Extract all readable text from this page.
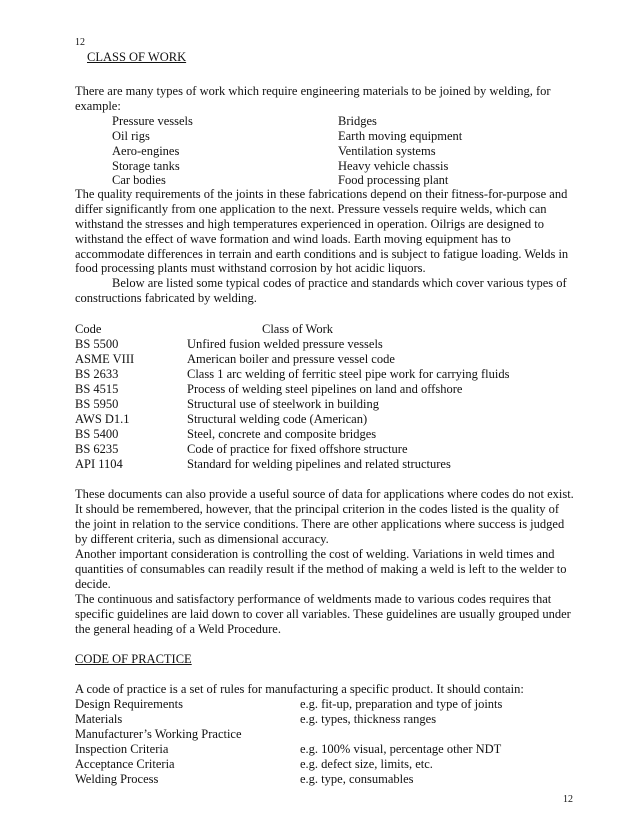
12
CLASS OF WORK
There are many types of work which require engineering materials to be joined by welding, for
example:
Pressure vessels	Bridges
Oil rigs	Earth moving equipment
Aero-engines	Ventilation systems
Storage tanks	Heavy vehicle chassis
Car bodies	Food processing plant
The quality requirements of the joints in these fabrications depend on their fitness-for-purpose and
differ significantly from one application to the next. Pressure vessels require welds, which can
withstand the stresses and high temperatures experienced in operation. Oilrigs are designed to
withstand the effect of wave formation and wind loads. Earth moving equipment has to
accommodate differences in terrain and earth conditions and is subject to fatigue loading. Welds in
food processing plants must withstand corrosion by hot acidic liquors.
Below are listed some typical codes of practice and standards which cover various types of
constructions fabricated by welding.
Code	Class of Work
BS 5500	Unfired fusion welded pressure vessels
ASME VIII	American boiler and pressure vessel code
BS 2633	Class 1 arc welding of ferritic steel pipe work for carrying fluids
BS 4515	Process of welding steel pipelines on land and offshore
BS 5950	Structural use of steelwork in building
AWS D1.1	Structural welding code (American)
BS 5400	Steel, concrete and composite bridges
BS 6235	Code of practice for fixed offshore structure
API 1104	Standard for welding pipelines and related structures
These documents can also provide a useful source of data for applications where codes do not exist.
It should be remembered, however, that the principal criterion in the codes listed is the quality of
the joint in relation to the service conditions. There are other applications where success is judged
by different criteria, such as dimensional accuracy.
Another important consideration is controlling the cost of welding. Variations in weld times and
quantities of consumables can readily result if the method of making a weld is left to the welder to
decide.
The continuous and satisfactory performance of weldments made to various codes requires that
specific guidelines are laid down to cover all variables. These guidelines are usually grouped under
the general heading of a Weld Procedure.
CODE OF PRACTICE
A code of practice is a set of rules for manufacturing a specific product. It should contain:
Design Requirements	e.g. fit-up, preparation and type of joints
Materials	e.g. types, thickness ranges
Manufacturer’s Working Practice
Inspection Criteria	e.g. 100% visual, percentage other NDT
Acceptance Criteria	e.g. defect size, limits, etc.
Welding Process	e.g. type, consumables
12
